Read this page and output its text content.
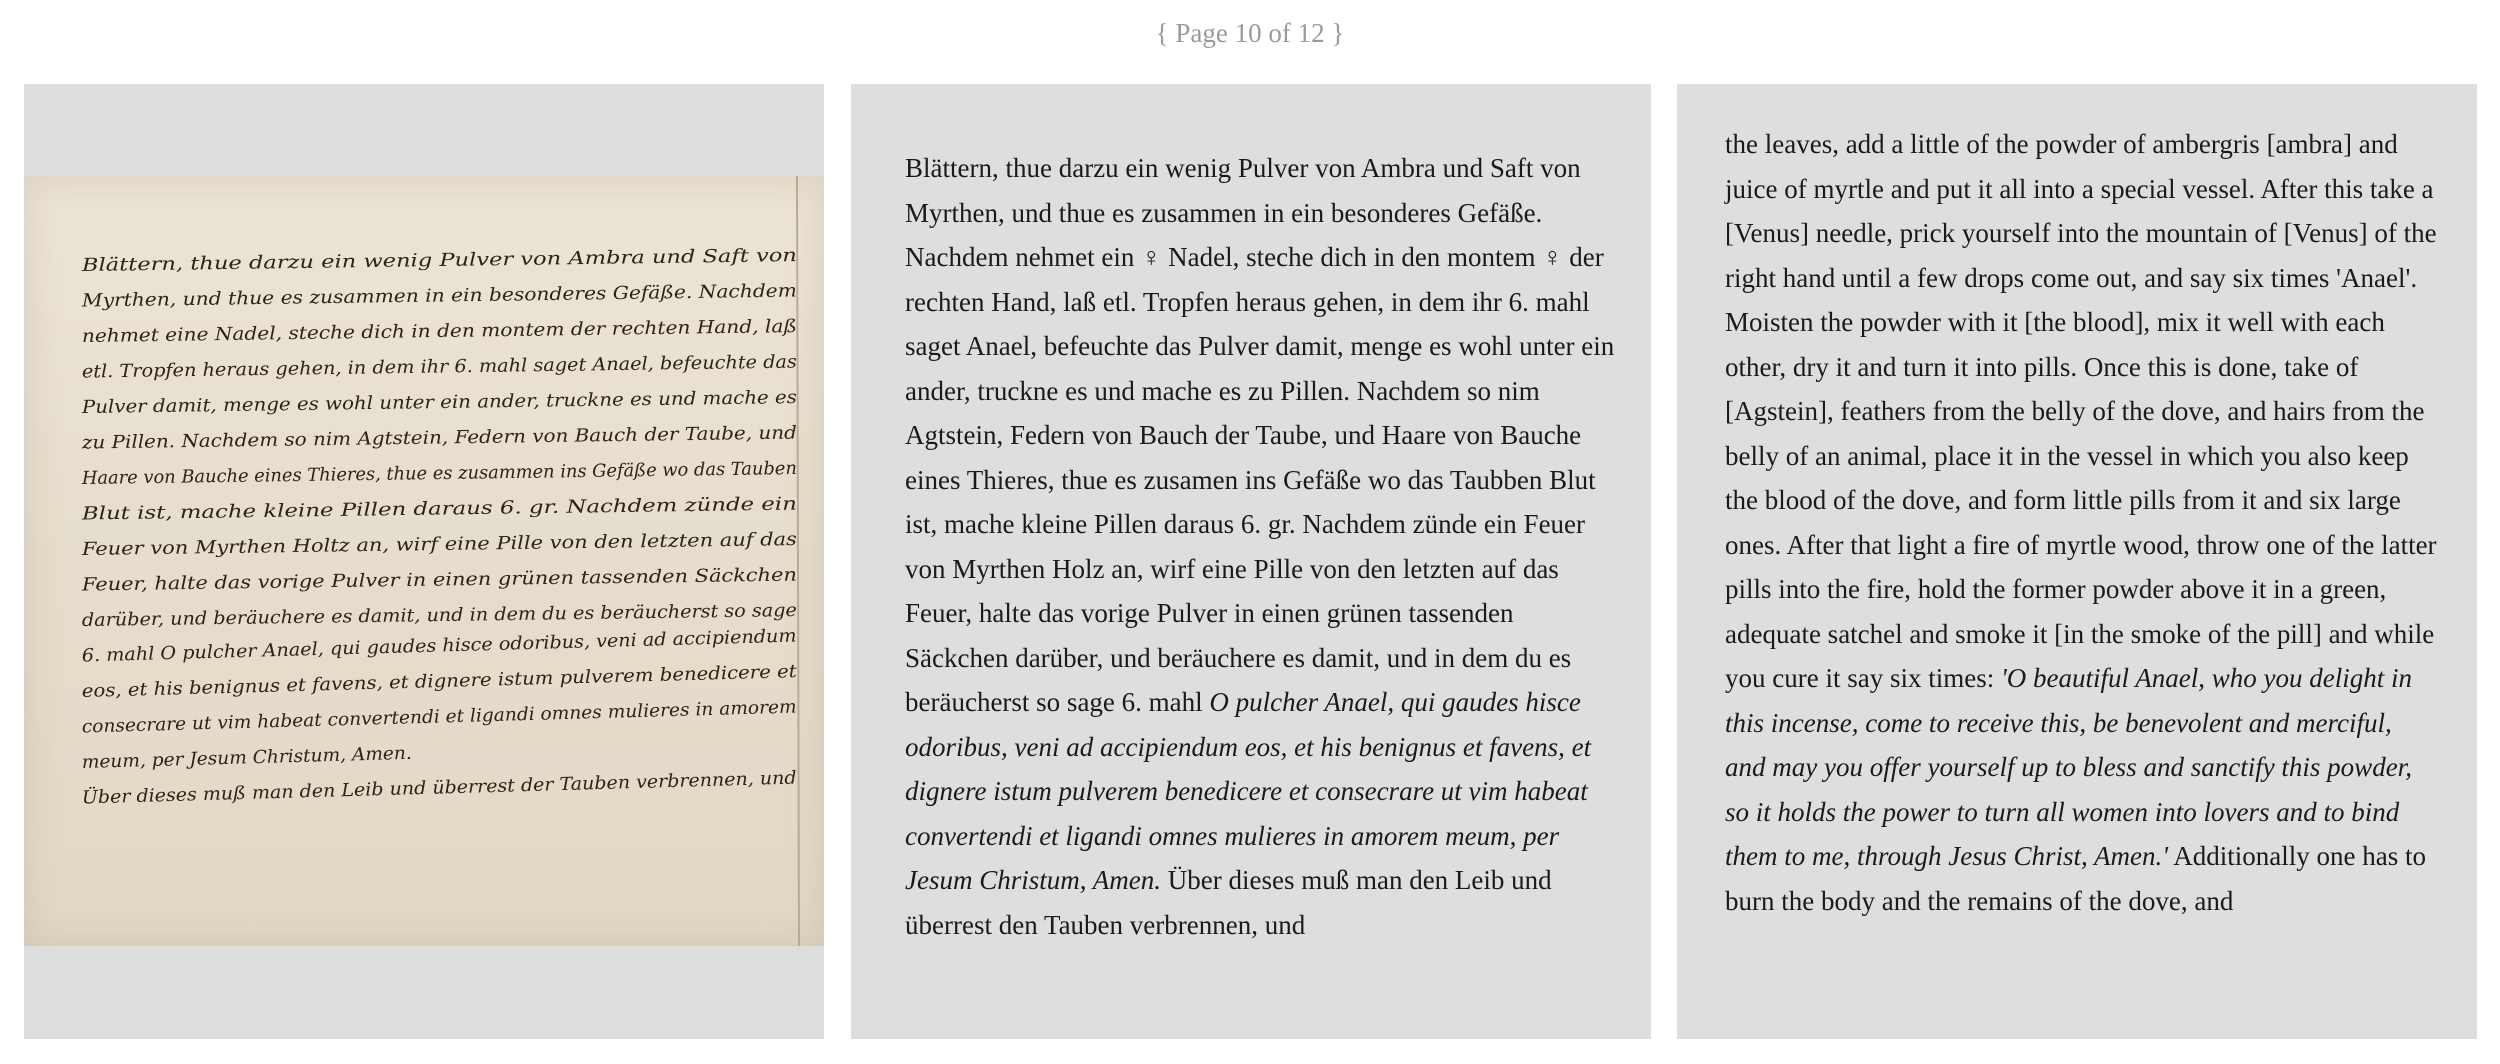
{ Page 10 of 12 }
Blättern, thue darzu ein wenig Pulver von Ambra und Saft von
Myrthen, und thue es zusammen in ein besonderes Gefäße. Nachdem
nehmet eine Nadel, steche dich in den montem der rechten Hand, laß
etl. Tropfen heraus gehen, in dem ihr 6. mahl saget Anael, befeuchte das
Pulver damit, menge es wohl unter ein ander, truckne es und mache es
zu Pillen. Nachdem so nim Agtstein, Federn von Bauch der Taube, und
Haare von Bauche eines Thieres, thue es zusammen ins Gefäße wo das Tauben
Blut ist, mache kleine Pillen daraus 6. gr. Nachdem zünde ein
Feuer von Myrthen Holtz an, wirf eine Pille von den letzten auf das
Feuer, halte das vorige Pulver in einen grünen tassenden Säckchen
darüber, und beräuchere es damit, und in dem du es beräucherst so sage
6. mahl O pulcher Anael, qui gaudes hisce odoribus, veni ad accipiendum
eos, et his benignus et favens, et dignere istum pulverem benedicere et
consecrare ut vim habeat convertendi et ligandi omnes mulieres in amorem
meum, per Jesum Christum, Amen.
Über dieses muß man den Leib und überrest der Tauben verbrennen, und
Blättern, thue darzu ein wenig Pulver von Ambra und Saft von Myrthen, und thue es zusammen in ein besonderes Gefäße. Nachdem nehmet ein ♀ Nadel, steche dich in den montem ♀ der rechten Hand, laß etl. Tropfen heraus gehen, in dem ihr 6. mahl saget Anael, befeuchte das Pulver damit, menge es wohl unter ein ander, truckne es und mache es zu Pillen. Nachdem so nim Agtstein, Federn von Bauch der Taube, und Haare von Bauche eines Thieres, thue es zusamen ins Gefäße wo das Taubben Blut ist, mache kleine Pillen daraus 6. gr. Nachdem zünde ein Feuer von Myrthen Holz an, wirf eine Pille von den letzten auf das Feuer, halte das vorige Pulver in einen grünen tassenden Säckchen darüber, und beräuchere es damit, und in dem du es beräucherst so sage 6. mahl O pulcher Anael, qui gaudes hisce odoribus, veni ad accipiendum eos, et his benignus et favens, et dignere istum pulverem benedicere et consecrare ut vim habeat convertendi et ligandi omnes mulieres in amorem meum, per Jesum Christum, Amen. Über dieses muß man den Leib und überrest den Tauben verbrennen, und
the leaves, add a little of the powder of ambergris [ambra] and juice of myrtle and put it all into a special vessel. After this take a [Venus] needle, prick yourself into the mountain of [Venus] of the right hand until a few drops come out, and say six times 'Anael'. Moisten the powder with it [the blood], mix it well with each other, dry it and turn it into pills. Once this is done, take of [Agstein], feathers from the belly of the dove, and hairs from the belly of an animal, place it in the vessel in which you also keep the blood of the dove, and form little pills from it and six large ones. After that light a fire of myrtle wood, throw one of the latter pills into the fire, hold the former powder above it in a green, adequate satchel and smoke it [in the smoke of the pill] and while you cure it say six times: 'O beautiful Anael, who you delight in this incense, come to receive this, be benevolent and merciful, and may you offer yourself up to bless and sanctify this powder, so it holds the power to turn all women into lovers and to bind them to me, through Jesus Christ, Amen.' Additionally one has to burn the body and the remains of the dove, and
